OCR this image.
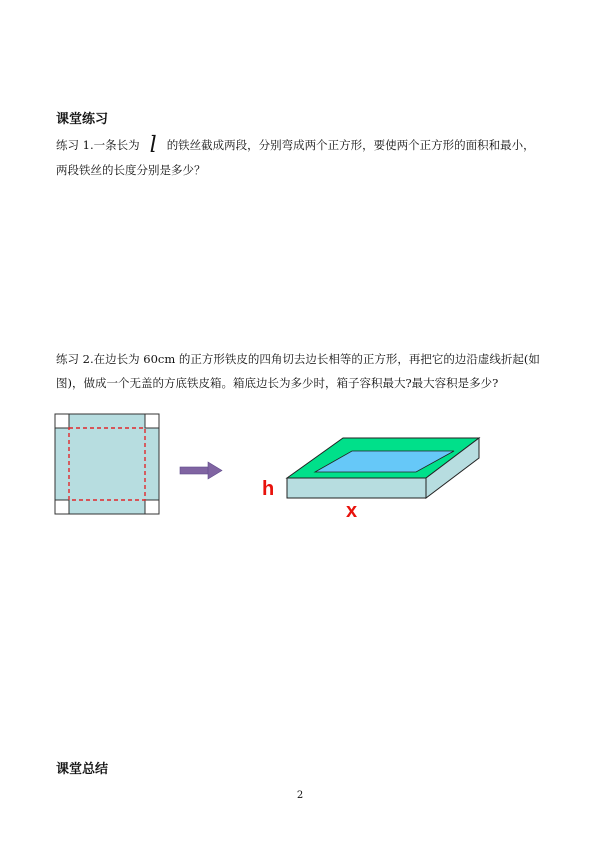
课堂练习
练习 1.一条长为 l 的铁丝截成两段，分别弯成两个正方形，要使两个正方形的面积和最小，两段铁丝的长度分别是多少？
练习 2.在边长为 60cm 的正方形铁皮的四角切去边长相等的正方形，再把它的边沿虚线折起(如图)，做成一个无盖的方底铁皮箱。箱底边长为多少时，箱子容积最大?最大容积是多少?
h
x
课堂总结
2
